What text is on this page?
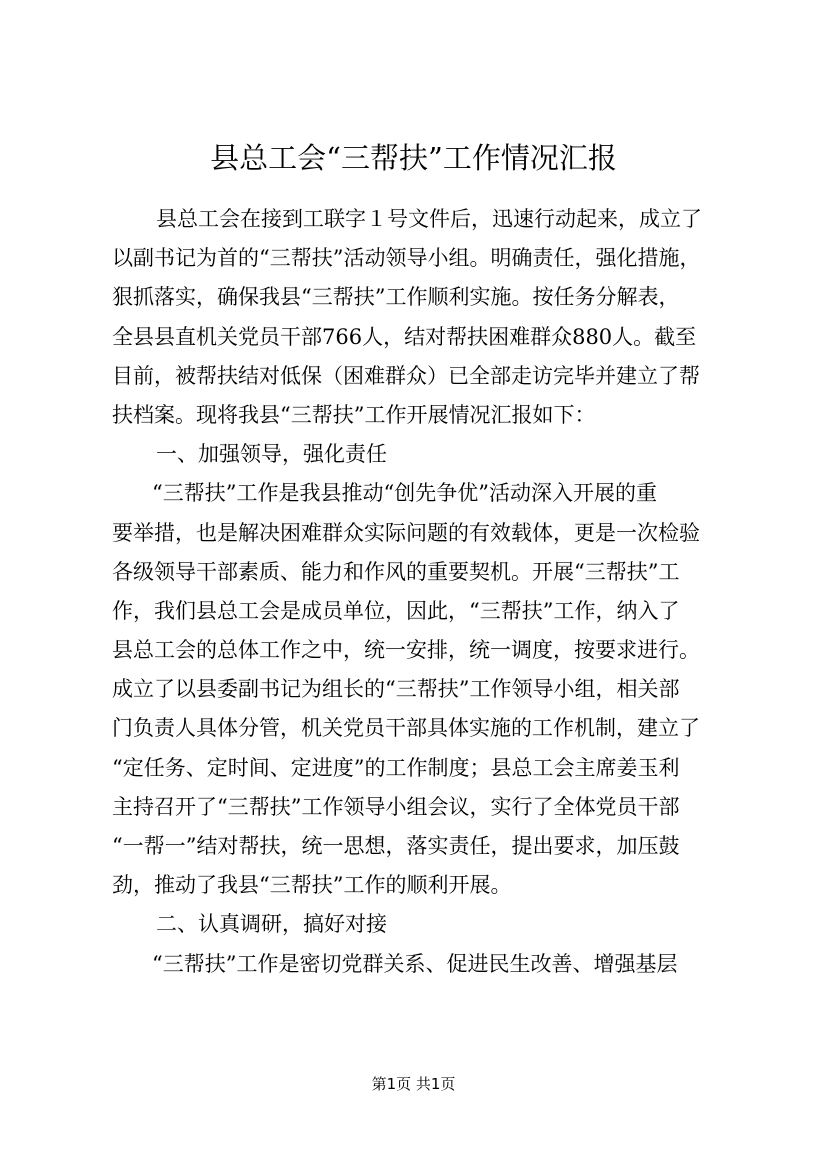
县总工会“三帮扶”工作情况汇报
县总工会在接到工联字１号文件后，迅速行动起来，成立了
以副书记为首的“三帮扶”活动领导小组。明确责任，强化措施，
狠抓落实，确保我县“三帮扶”工作顺利实施。按任务分解表，
全县县直机关党员干部766人，结对帮扶困难群众880人。截至
目前，被帮扶结对低保（困难群众）已全部走访完毕并建立了帮
扶档案。现将我县“三帮扶”工作开展情况汇报如下：
一、加强领导，强化责任
“三帮扶”工作是我县推动“创先争优”活动深入开展的重
要举措，也是解决困难群众实际问题的有效载体，更是一次检验
各级领导干部素质、能力和作风的重要契机。开展“三帮扶”工
作，我们县总工会是成员单位，因此，“三帮扶”工作，纳入了
县总工会的总体工作之中，统一安排，统一调度，按要求进行。
成立了以县委副书记为组长的“三帮扶”工作领导小组，相关部
门负责人具体分管，机关党员干部具体实施的工作机制，建立了
“定任务、定时间、定进度”的工作制度；县总工会主席姜玉利
主持召开了“三帮扶”工作领导小组会议，实行了全体党员干部
“一帮一”结对帮扶，统一思想，落实责任，提出要求，加压鼓
劲，推动了我县“三帮扶”工作的顺利开展。
二、认真调研，搞好对接
“三帮扶”工作是密切党群关系、促进民生改善、增强基层
第1页 共1页
